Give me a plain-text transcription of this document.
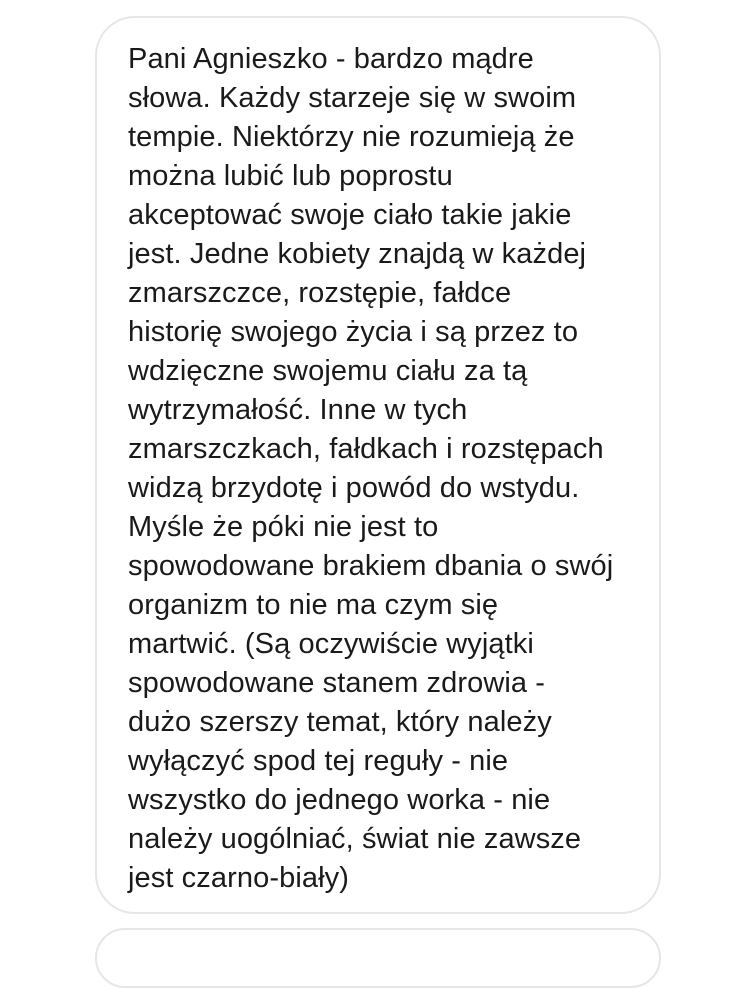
Pani Agnieszko - bardzo mądre
słowa. Każdy starzeje się w swoim
tempie. Niektórzy nie rozumieją że
można lubić lub poprostu
akceptować swoje ciało takie jakie
jest. Jedne kobiety znajdą w każdej
zmarszczce, rozstępie, fałdce
historię swojego życia i są przez to
wdzięczne swojemu ciału za tą
wytrzymałość. Inne w tych
zmarszczkach, fałdkach i rozstępach
widzą brzydotę i powód do wstydu.
Myśle że póki nie jest to
spowodowane brakiem dbania o swój
organizm to nie ma czym się
martwić. (Są oczywiście wyjątki
spowodowane stanem zdrowia -
dużo szerszy temat, który należy
wyłączyć spod tej reguły - nie
wszystko do jednego worka - nie
należy uogólniać, świat nie zawsze
jest czarno-biały)
